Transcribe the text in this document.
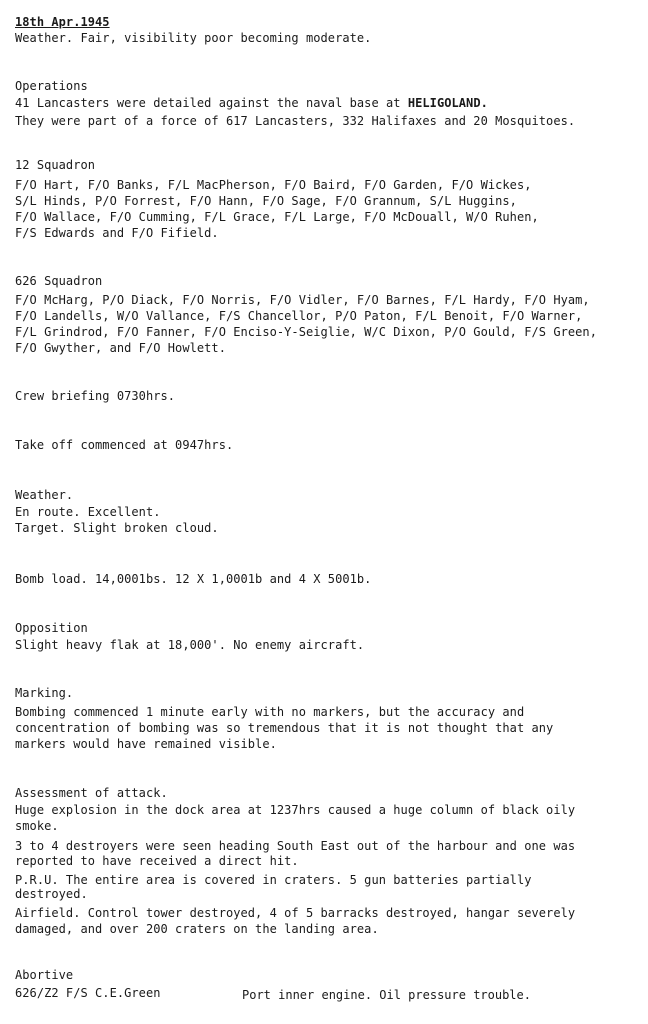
18th Apr.1945
Weather. Fair, visibility poor becoming moderate.
Operations
41 Lancasters were detailed against the naval base at HELIGOLAND.
They were part of a force of 617 Lancasters, 332 Halifaxes and 20 Mosquitoes.
12 Squadron
F/O Hart, F/O Banks, F/L MacPherson, F/O Baird, F/O Garden, F/O Wickes,
S/L Hinds, P/O Forrest, F/O Hann, F/O Sage, F/O Grannum, S/L Huggins,
F/O Wallace, F/O Cumming, F/L Grace, F/L Large, F/O McDouall, W/O Ruhen,
F/S Edwards and F/O Fifield.
626 Squadron
F/O McHarg, P/O Diack, F/O Norris, F/O Vidler, F/O Barnes, F/L Hardy, F/O Hyam,
F/O Landells, W/O Vallance, F/S Chancellor, P/O Paton, F/L Benoit, F/O Warner,
F/L Grindrod, F/O Fanner, F/O Enciso-Y-Seiglie, W/C Dixon, P/O Gould, F/S Green,
F/O Gwyther, and F/O Howlett.
Crew briefing 0730hrs.
Take off commenced at 0947hrs.
Weather.
En route. Excellent.
Target. Slight broken cloud.
Bomb load. 14,0001bs. 12 X 1,0001b and 4 X 5001b.
Opposition
Slight heavy flak at 18,000'. No enemy aircraft.
Marking.
Bombing commenced 1 minute early with no markers, but the accuracy and
concentration of bombing was so tremendous that it is not thought that any
markers would have remained visible.
Assessment of attack.
Huge explosion in the dock area at 1237hrs caused a huge column of black oily
smoke.
3 to 4 destroyers were seen heading South East out of the harbour and one was
reported to have received a direct hit.
P.R.U. The entire area is covered in craters. 5 gun batteries partially
destroyed.
Airfield. Control tower destroyed, 4 of 5 barracks destroyed, hangar severely
damaged, and over 200 craters on the landing area.
Abortive
626/Z2 F/S C.E.Green	Port inner engine. Oil pressure trouble.
